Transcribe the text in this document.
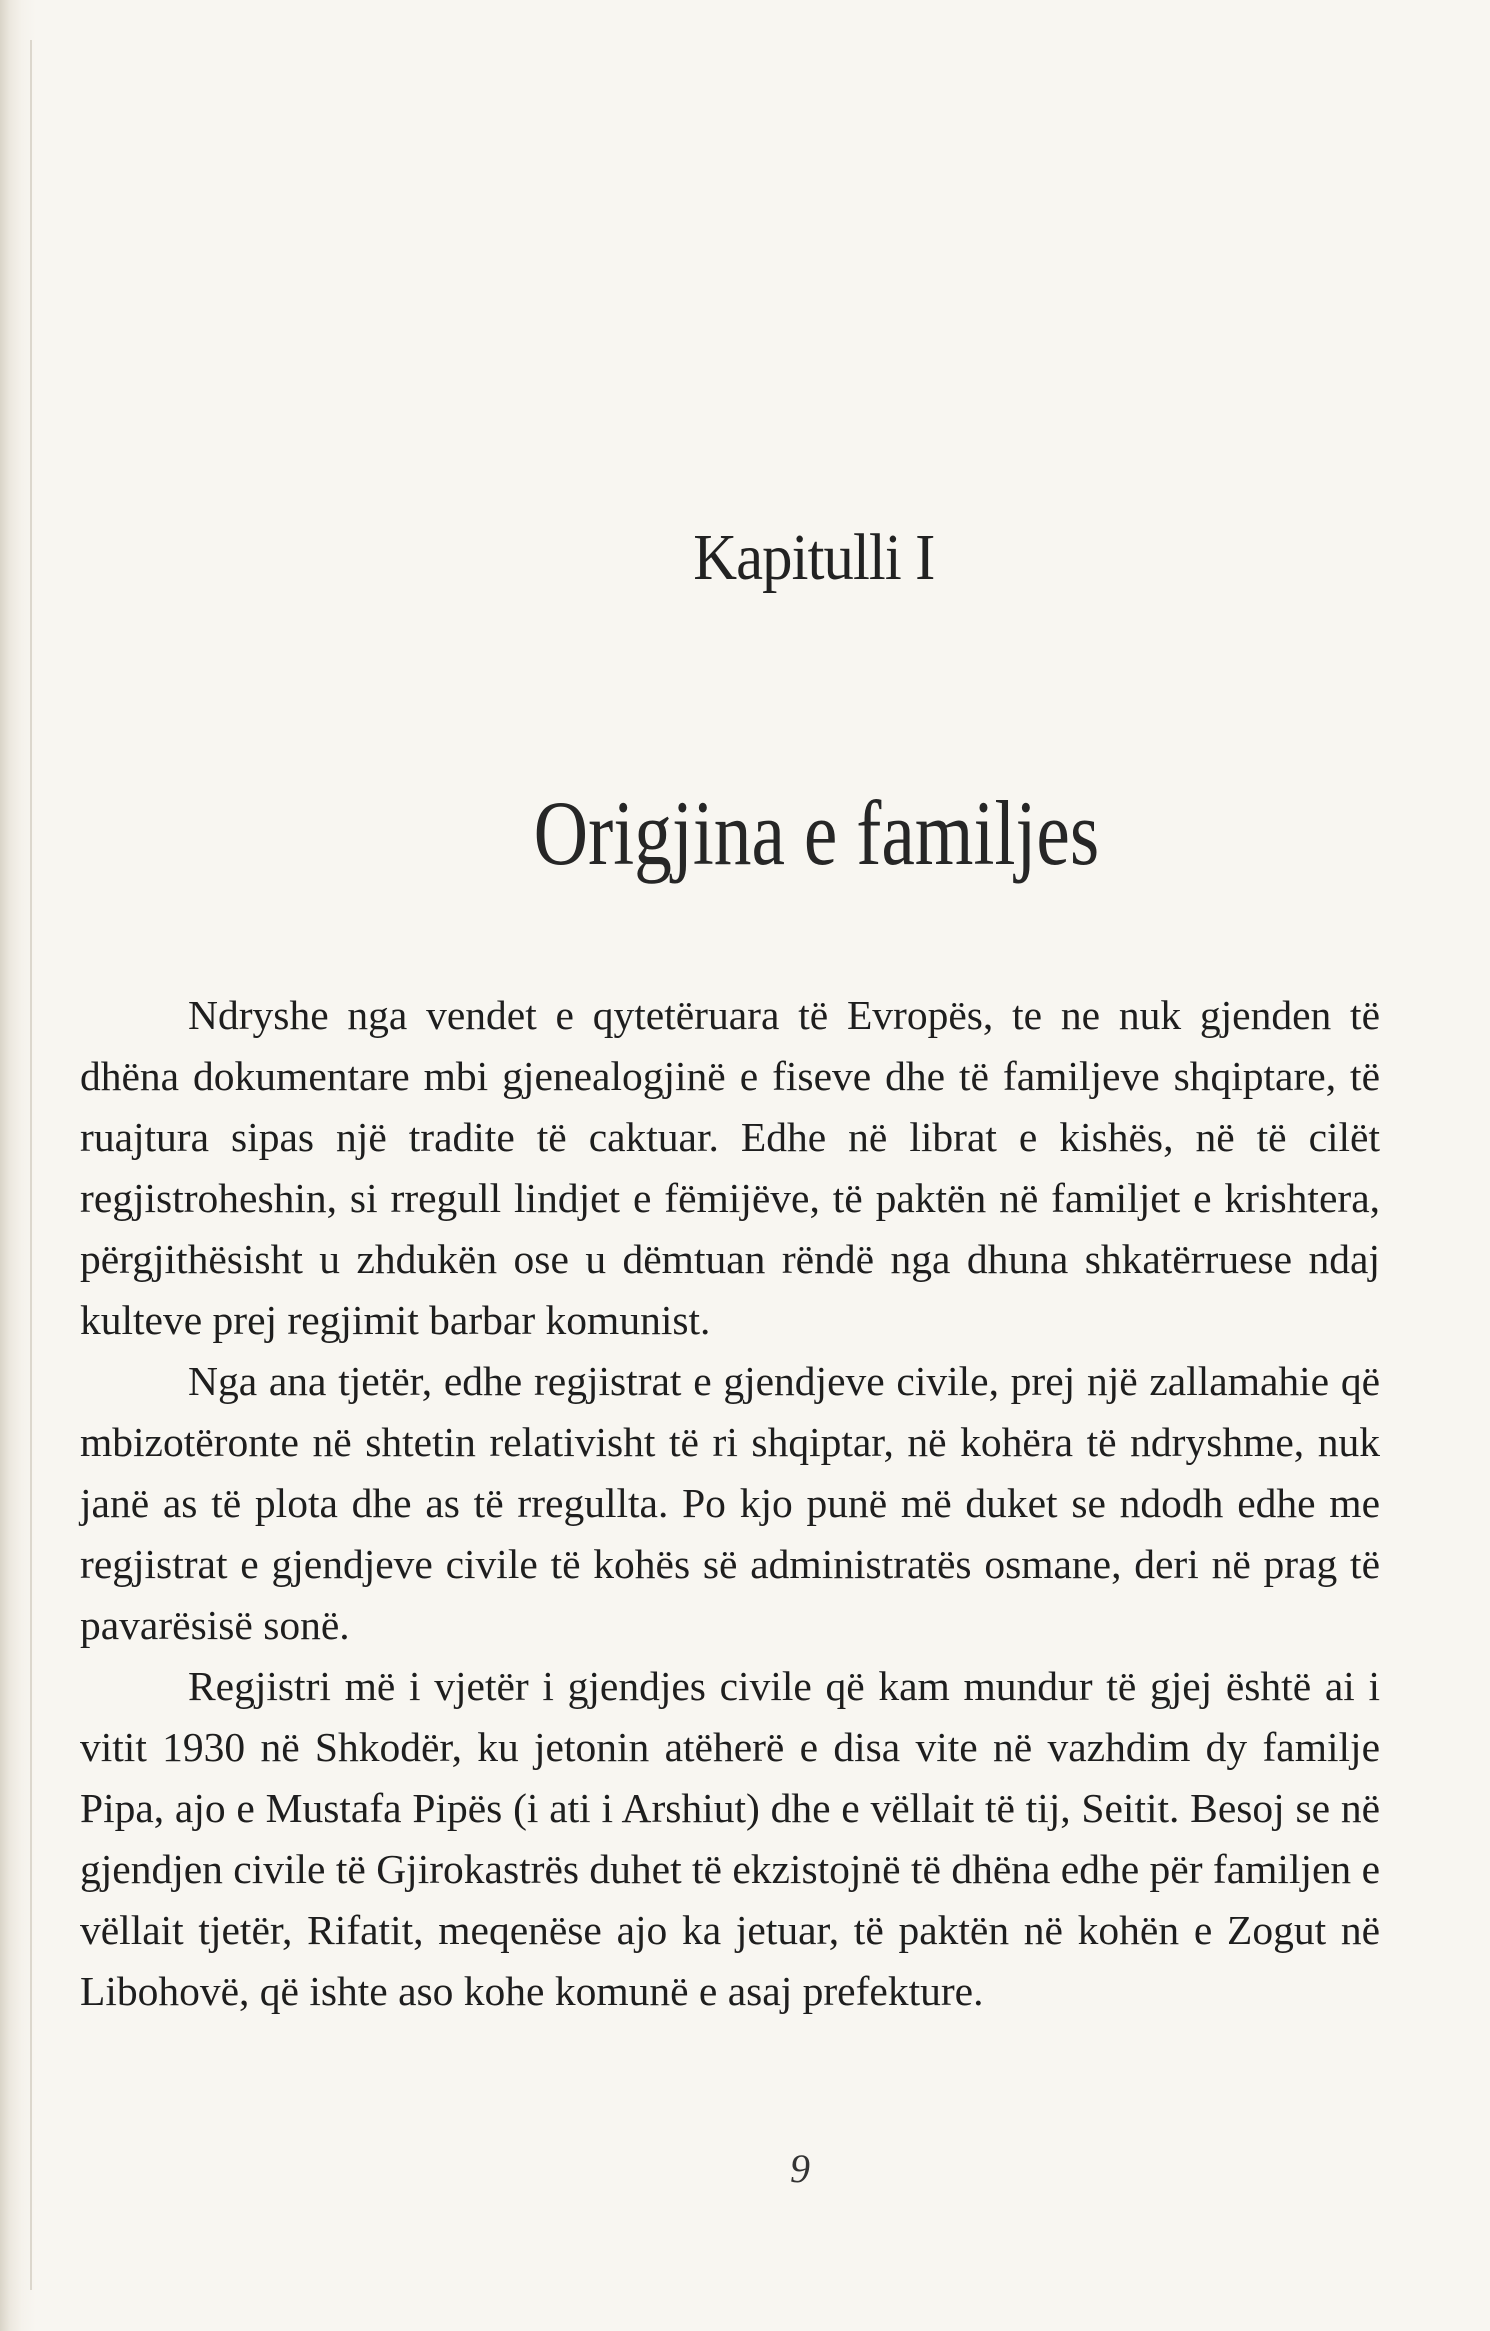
Kapitulli I
Origjina e familjes

Ndryshe nga vendet e qytetëruara të Evropës, te ne nuk gjenden të dhëna dokumentare mbi gjenealogjinë e fiseve dhe të familjeve shqiptare, të ruajtura sipas një tradite të caktuar. Edhe në librat e kishës, në të cilët regjistroheshin, si rregull lindjet e fëmijëve, të paktën në familjet e krishtera, përgjithësisht u zhdukën ose u dëmtuan rëndë nga dhuna shkatërruese ndaj kulteve prej regjimit barbar komunist.

Nga ana tjetër, edhe regjistrat e gjendjeve civile, prej një zallamahie që mbizotëronte në shtetin relativisht të ri shqiptar, në kohëra të ndryshme, nuk janë as të plota dhe as të rregullta. Po kjo punë më duket se ndodh edhe me regjistrat e gjendjeve civile të kohës së administratës osmane, deri në prag të pavarësisë sonë.

Regjistri më i vjetër i gjendjes civile që kam mundur të gjej është ai i vitit 1930 në Shkodër, ku jetonin atëherë e disa vite në vazhdim dy familje Pipa, ajo e Mustafa Pipës (i ati i Arshiut) dhe e vëllait të tij, Seitit. Besoj se në gjendjen civile të Gjirokastrës duhet të ekzistojnë të dhëna edhe për familjen e vëllait tjetër, Rifatit, meqenëse ajo ka jetuar, të paktën në kohën e Zogut në Libohovë, që ishte aso kohe komunë e asaj prefekture.

9
